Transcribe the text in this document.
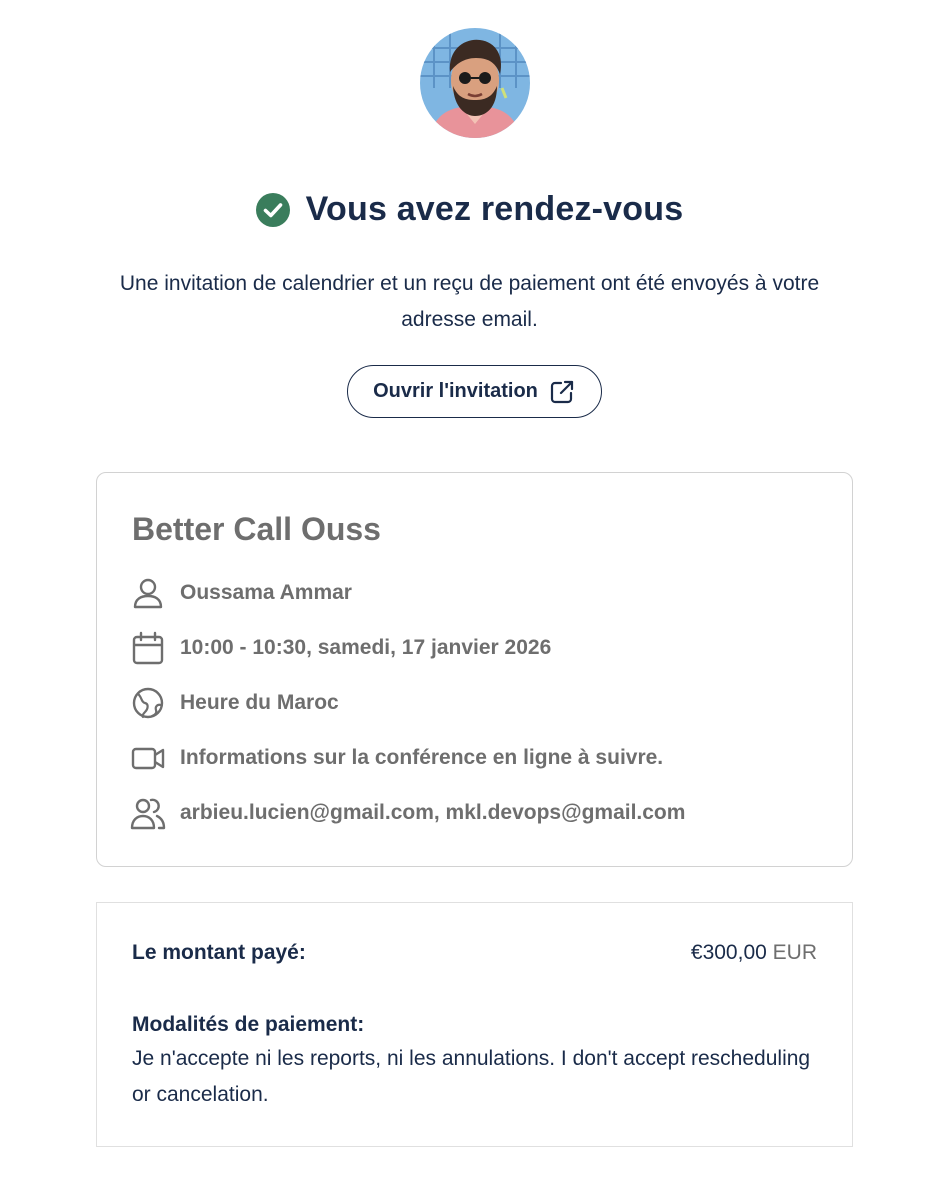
Vous avez rendez-vous

Une invitation de calendrier et un reçu de paiement ont été envoyés à votre adresse email.

Ouvrir l'invitation
Better Call Ouss
Oussama Ammar
10:00 - 10:30, samedi, 17 janvier 2026
Heure du Maroc
Informations sur la conférence en ligne à suivre.
arbieu.lucien@gmail.com, mkl.devops@gmail.com
Le montant payé:	€300,00 EUR
Modalités de paiement:

Je n'accepte ni les reports, ni les annulations. I don't accept rescheduling or cancelation.
